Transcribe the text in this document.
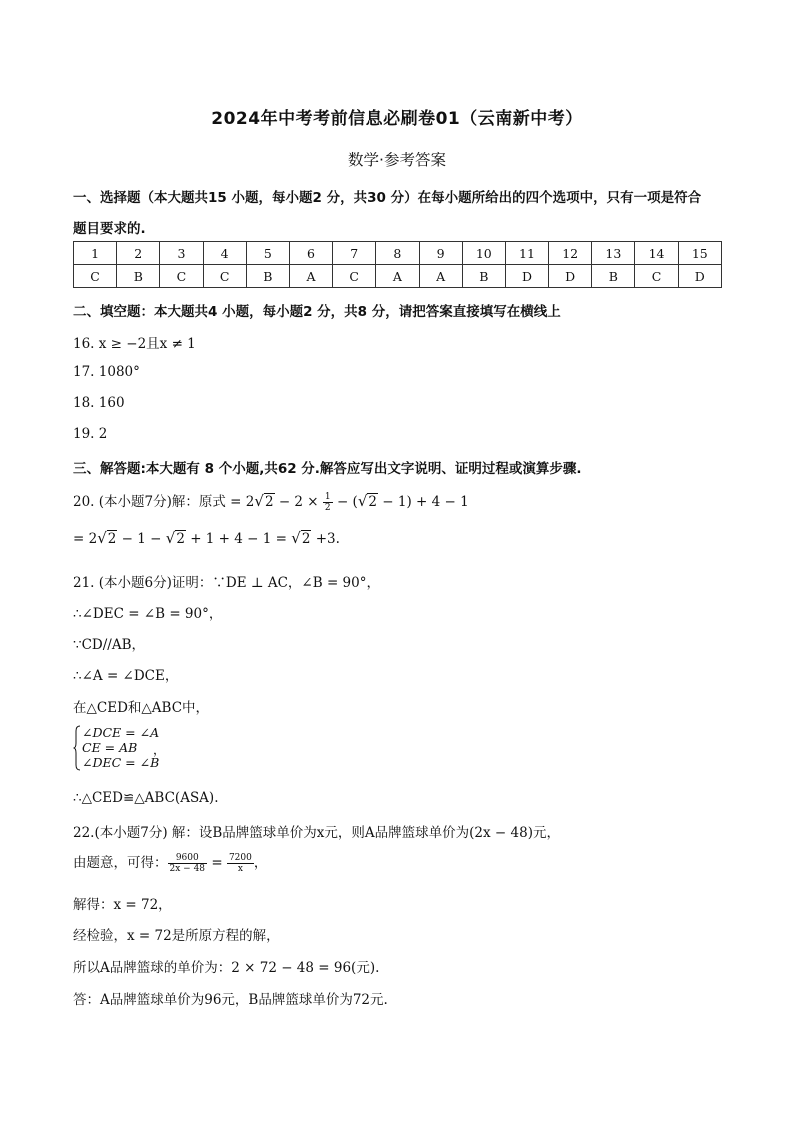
2024年中考考前信息必刷卷01（云南新中考）
数学·参考答案
一、选择题（本大题共15 小题，每小题2 分，共30 分）在每小题所给出的四个选项中，只有一项是符合
题目要求的.
1	2	3	4	5	6	7	8	9	10	11	12	13	14	15
C	B	C	C	B	A	C	A	A	B	D	D	B	C	D
二、填空题：本大题共4 小题，每小题2 分，共8 分，请把答案直接填写在横线上
16. x ≥ −2且x ≠ 1
17. 1080°
18. 160
19. 2
三、解答题:本大题有 8 个小题,共62 分.解答应写出文字说明、证明过程或演算步骤.
20. (本小题7分)解：原式 = $2√2 - 2 \times \frac{1}{2} - (√2 - 1) + 4 - 1$
= 2√2 − 1 − √2 + 1 + 4 − 1 = √2 +3.
21. (本小题6分)证明：∵DE ⊥ AC，∠B = 90°，
∴∠DEC = ∠B = 90°，
∵CD//AB，
∴∠A = ∠DCE，
在△CED和△ABC中，
∠DCE = ∠A
CE = AB
∠DEC = ∠B
，
∴△CED≌△ABC(ASA).
22.(本小题7分) 解：设B品牌篮球单价为x元，则A品牌篮球单价为(2x − 48)元，
由题意，可得： $\frac{9600}{2x - 48} = \frac{7200}{x}$ ，
解得：x = 72，
经检验，x = 72是所原方程的解，
所以A品牌篮球的单价为：2 × 72 − 48 = 96(元).
答：A品牌篮球单价为96元，B品牌篮球单价为72元.
